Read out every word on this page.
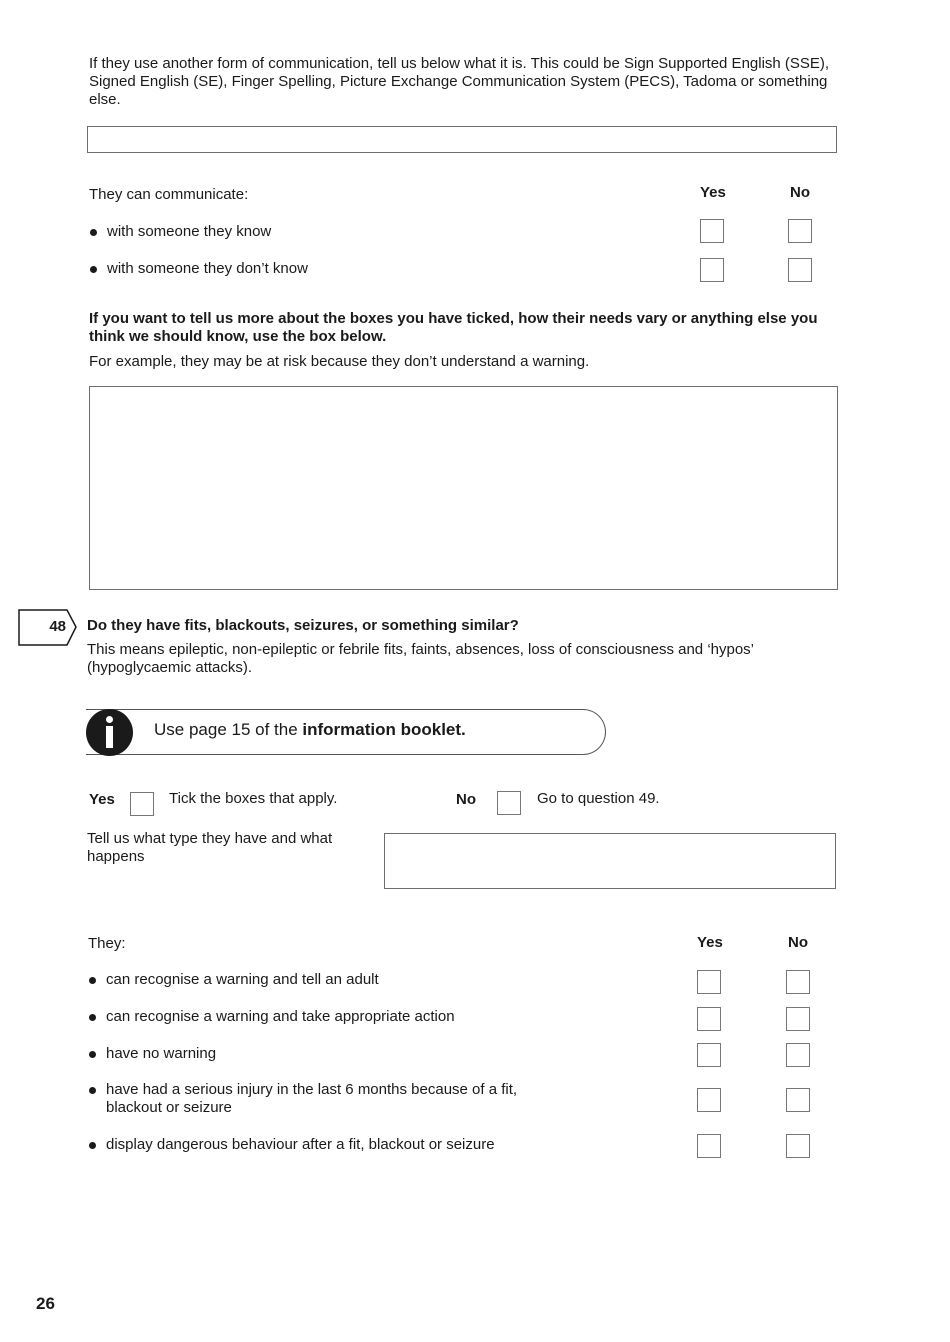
If they use another form of communication, tell us below what it is. This could be Sign Supported English (SSE), Signed English (SE), Finger Spelling, Picture Exchange Communication System (PECS), Tadoma or something else.
They can communicate:	Yes	No
with someone they know
with someone they don’t know
If you want to tell us more about the boxes you have ticked, how their needs vary or anything else you think we should know, use the box below.
For example, they may be at risk because they don’t understand a warning.
48 Do they have fits, blackouts, seizures, or something similar?
This means epileptic, non-epileptic or febrile fits, faints, absences, loss of consciousness and ‘hypos’ (hypoglycaemic attacks).
Use page 15 of the information booklet.
Yes	Tick the boxes that apply.	No	Go to question 49.
Tell us what type they have and what happens
They:	Yes	No
can recognise a warning and tell an adult
can recognise a warning and take appropriate action
have no warning
have had a serious injury in the last 6 months because of a fit, blackout or seizure
display dangerous behaviour after a fit, blackout or seizure
26
